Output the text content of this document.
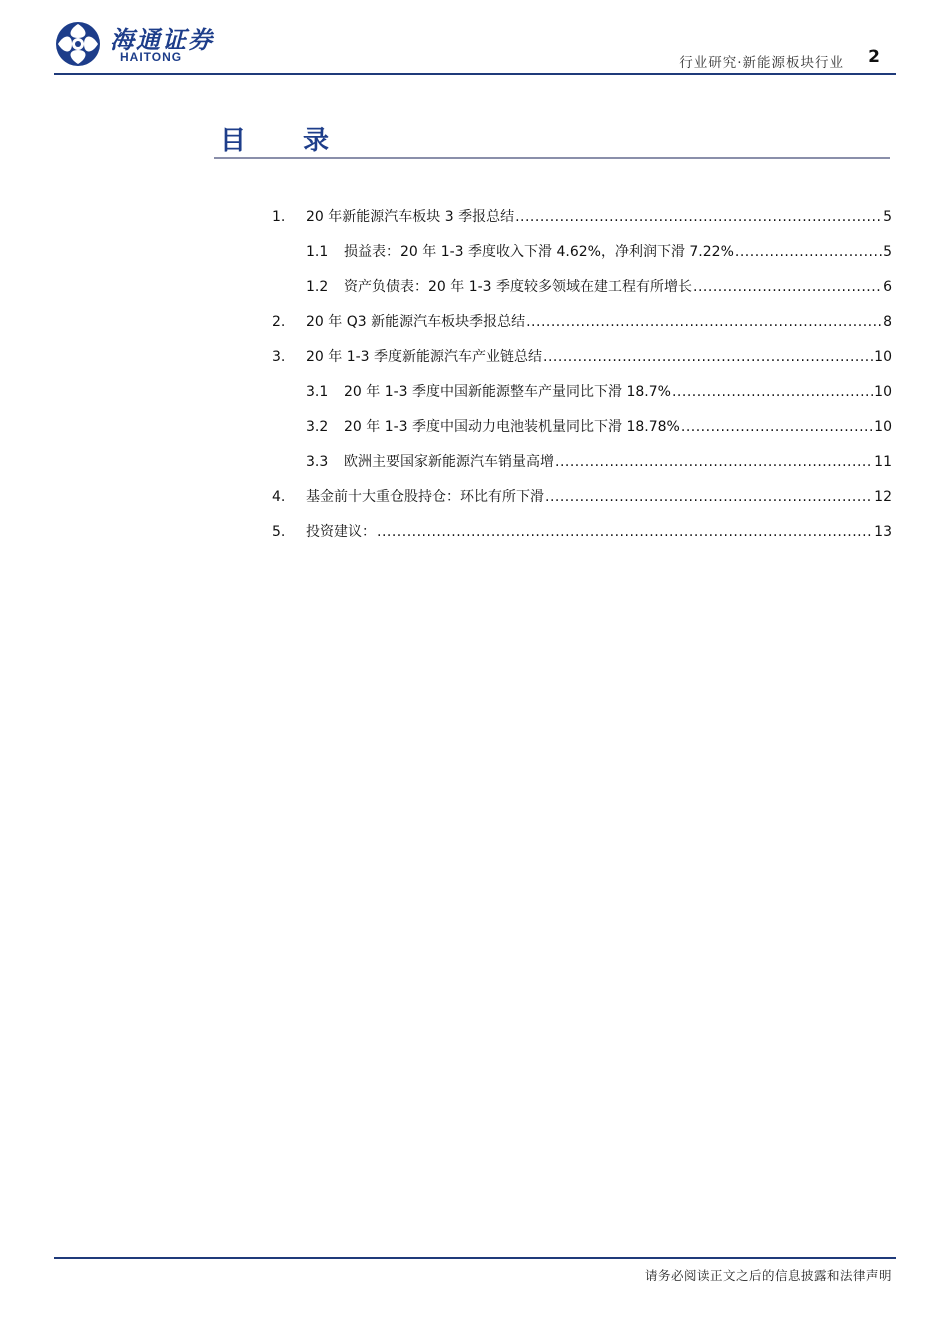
海通证券
HAITONG	行业研究·新能源板块行业 2
目 录
1.	20 年新能源汽车板块 3 季报总结 .....	5
1.1	损益表：20 年 1-3 季度收入下滑 4.62%，净利润下滑 7.22% .....	5
1.2	资产负债表：20 年 1-3 季度较多领域在建工程有所增长 .....	6
2.	20 年 Q3 新能源汽车板块季报总结 .....	8
3.	20 年 1-3 季度新能源汽车产业链总结 .....	10
3.1	20 年 1-3 季度中国新能源整车产量同比下滑 18.7% .....	10
3.2	20 年 1-3 季度中国动力电池装机量同比下滑 18.78% .....	10
3.3	欧洲主要国家新能源汽车销量高增 .....	11
4.	基金前十大重仓股持仓：环比有所下滑 .....	12
5.	投资建议： .....	13
请务必阅读正文之后的信息披露和法律声明
